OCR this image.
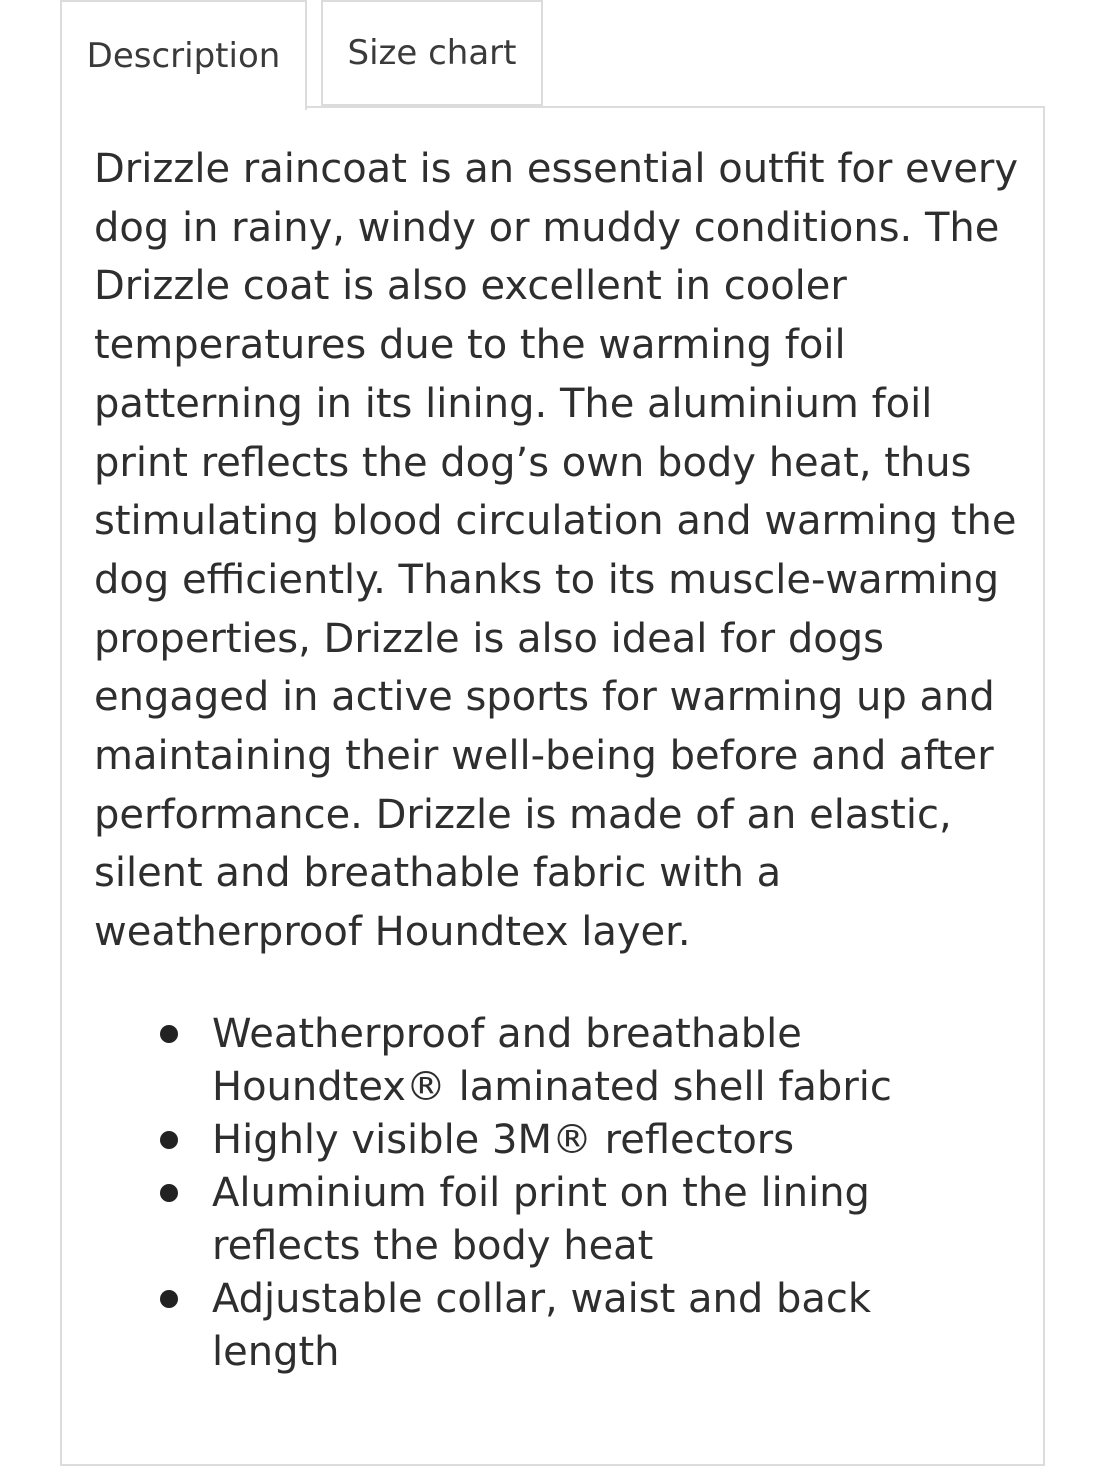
Description Size chart

Drizzle raincoat is an essential outfit for every dog in rainy, windy or muddy conditions. The Drizzle coat is also excellent in cooler temperatures due to the warming foil patterning in its lining. The aluminium foil print reflects the dog’s own body heat, thus stimulating blood circulation and warming the dog efficiently. Thanks to its muscle-warming properties, Drizzle is also ideal for dogs engaged in active sports for warming up and maintaining their well-being before and after performance. Drizzle is made of an elastic, silent and breathable fabric with a weatherproof Houndtex layer.

Weatherproof and breathable Houndtex® laminated shell fabric
Highly visible 3M® reflectors
Aluminium foil print on the lining reflects the body heat
Adjustable collar, waist and back length
